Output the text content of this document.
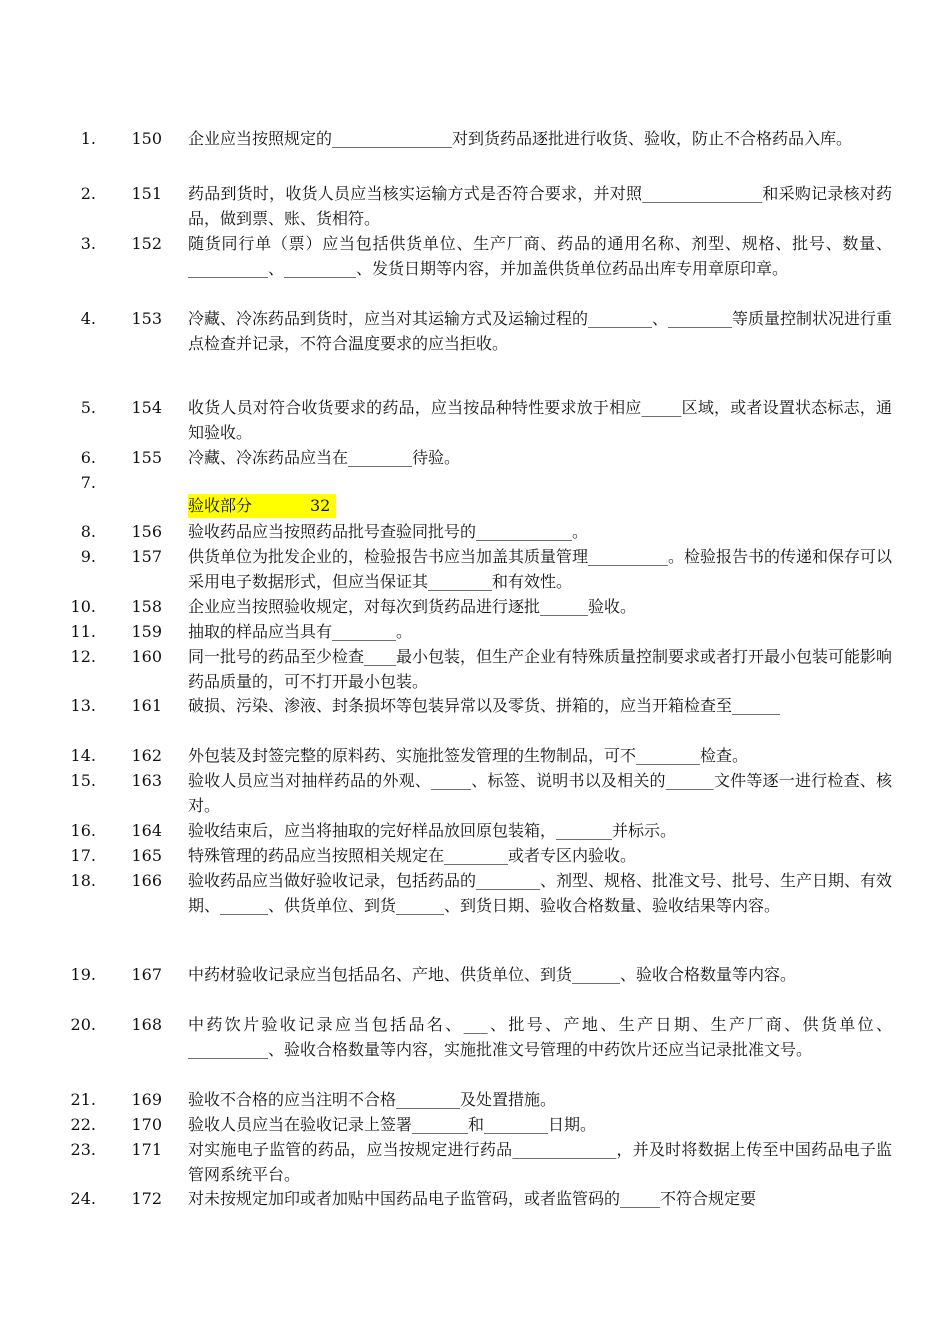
1.	150 企业应当按照规定的_______________对到货药品逐批进行收货、验收，防止不合格药品入库。
2.	151 药品到货时，收货人员应当核实运输方式是否符合要求，并对照_______________和采购记录核对药品，做到票、账、货相符。
3.	152 随货同行单（票）应当包括供货单位、生产厂商、药品的通用名称、剂型、规格、批号、数量、__________、_________、发货日期等内容，并加盖供货单位药品出库专用章原印章。
4.	153 冷藏、冷冻药品到货时，应当对其运输方式及运输过程的________、________等质量控制状况进行重点检查并记录，不符合温度要求的应当拒收。
5.	154 收货人员对符合收货要求的药品，应当按品种特性要求放于相应_____区域，或者设置状态标志，通知验收。
6.	155 冷藏、冷冻药品应当在________待验。
7.
验收部分	32
8.	156 验收药品应当按照药品批号查验同批号的____________。
9.	157 供货单位为批发企业的，检验报告书应当加盖其质量管理__________。检验报告书的传递和保存可以采用电子数据形式，但应当保证其________和有效性。
10.	158 企业应当按照验收规定，对每次到货药品进行逐批______验收。
11.	159 抽取的样品应当具有________。
12.	160 同一批号的药品至少检查____最小包装，但生产企业有特殊质量控制要求或者打开最小包装可能影响药品质量的，可不打开最小包装。
13.	161 破损、污染、渗液、封条损坏等包装异常以及零货、拼箱的，应当开箱检查至______
14.	162 外包装及封签完整的原料药、实施批签发管理的生物制品，可不________检查。
15.	163 验收人员应当对抽样药品的外观、_____、标签、说明书以及相关的______文件等逐一进行检查、核对。
16.	164 验收结束后，应当将抽取的完好样品放回原包装箱，_______并标示。
17.	165 特殊管理的药品应当按照相关规定在________或者专区内验收。
18.	166 验收药品应当做好验收记录，包括药品的________、剂型、规格、批准文号、批号、生产日期、有效期、______、供货单位、到货______、到货日期、验收合格数量、验收结果等内容。
19.	167 中药材验收记录应当包括品名、产地、供货单位、到货______、验收合格数量等内容。
20.	168 中药饮片验收记录应当包括品名、___、批号、产地、生产日期、生产厂商、供货单位、__________、验收合格数量等内容，实施批准文号管理的中药饮片还应当记录批准文号。
21.	169 验收不合格的应当注明不合格________及处置措施。
22.	170 验收人员应当在验收记录上签署_______和________日期。
23.	171 对实施电子监管的药品，应当按规定进行药品_____________，并及时将数据上传至中国药品电子监管网系统平台。
24.	172 对未按规定加印或者加贴中国药品电子监管码，或者监管码的_____不符合规定要
